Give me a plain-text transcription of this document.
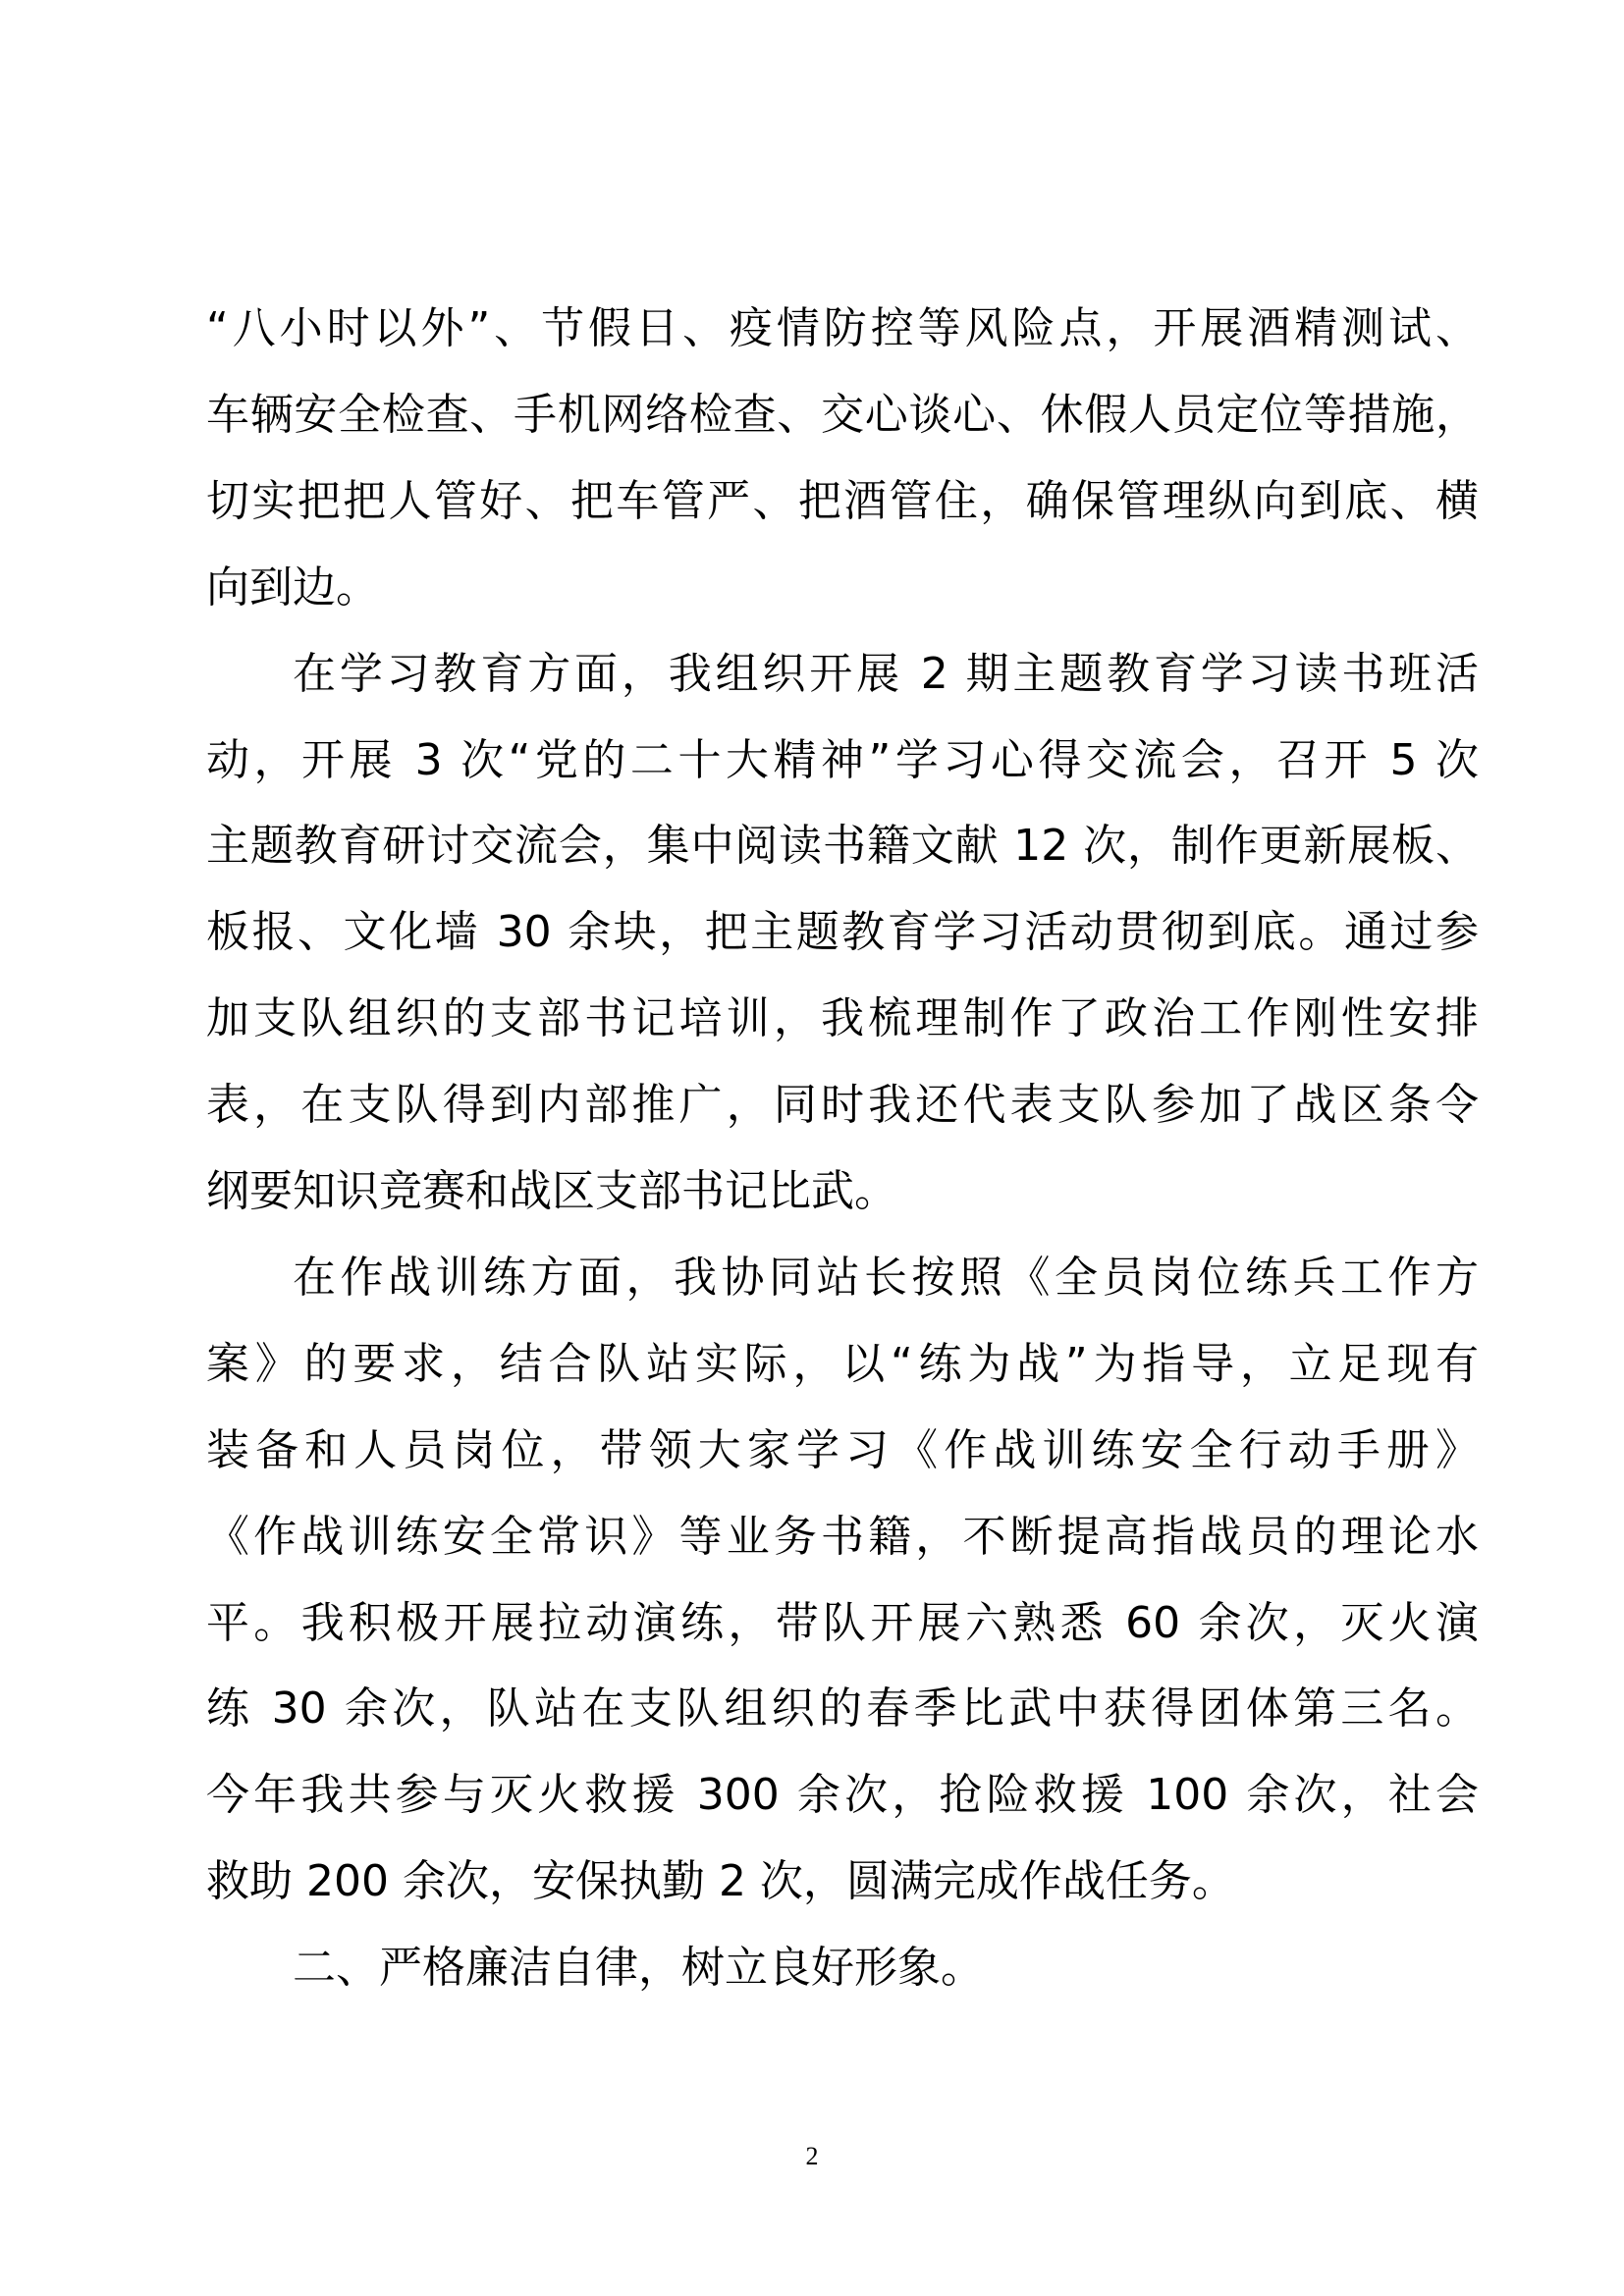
“八小时以外”、节假日、疫情防控等风险点，开展酒精测试、
车辆安全检查、手机网络检查、交心谈心、休假人员定位等措施，
切实把把人管好、把车管严、把酒管住，确保管理纵向到底、横
向到边。
在学习教育方面，我组织开展 2 期主题教育学习读书班活
动，开展 3 次“党的二十大精神”学习心得交流会，召开 5 次
主题教育研讨交流会，集中阅读书籍文献 12 次，制作更新展板、
板报、文化墙 30 余块，把主题教育学习活动贯彻到底。通过参
加支队组织的支部书记培训，我梳理制作了政治工作刚性安排
表，在支队得到内部推广，同时我还代表支队参加了战区条令
纲要知识竞赛和战区支部书记比武。
在作战训练方面，我协同站长按照《全员岗位练兵工作方
案》的要求，结合队站实际，以“练为战”为指导，立足现有
装备和人员岗位，带领大家学习《作战训练安全行动手册》
《作战训练安全常识》等业务书籍，不断提高指战员的理论水
平。我积极开展拉动演练，带队开展六熟悉 60 余次，灭火演
练 30 余次，队站在支队组织的春季比武中获得团体第三名。
今年我共参与灭火救援 300 余次，抢险救援 100 余次，社会
救助 200 余次，安保执勤 2 次，圆满完成作战任务。
二、严格廉洁自律，树立良好形象。
2
